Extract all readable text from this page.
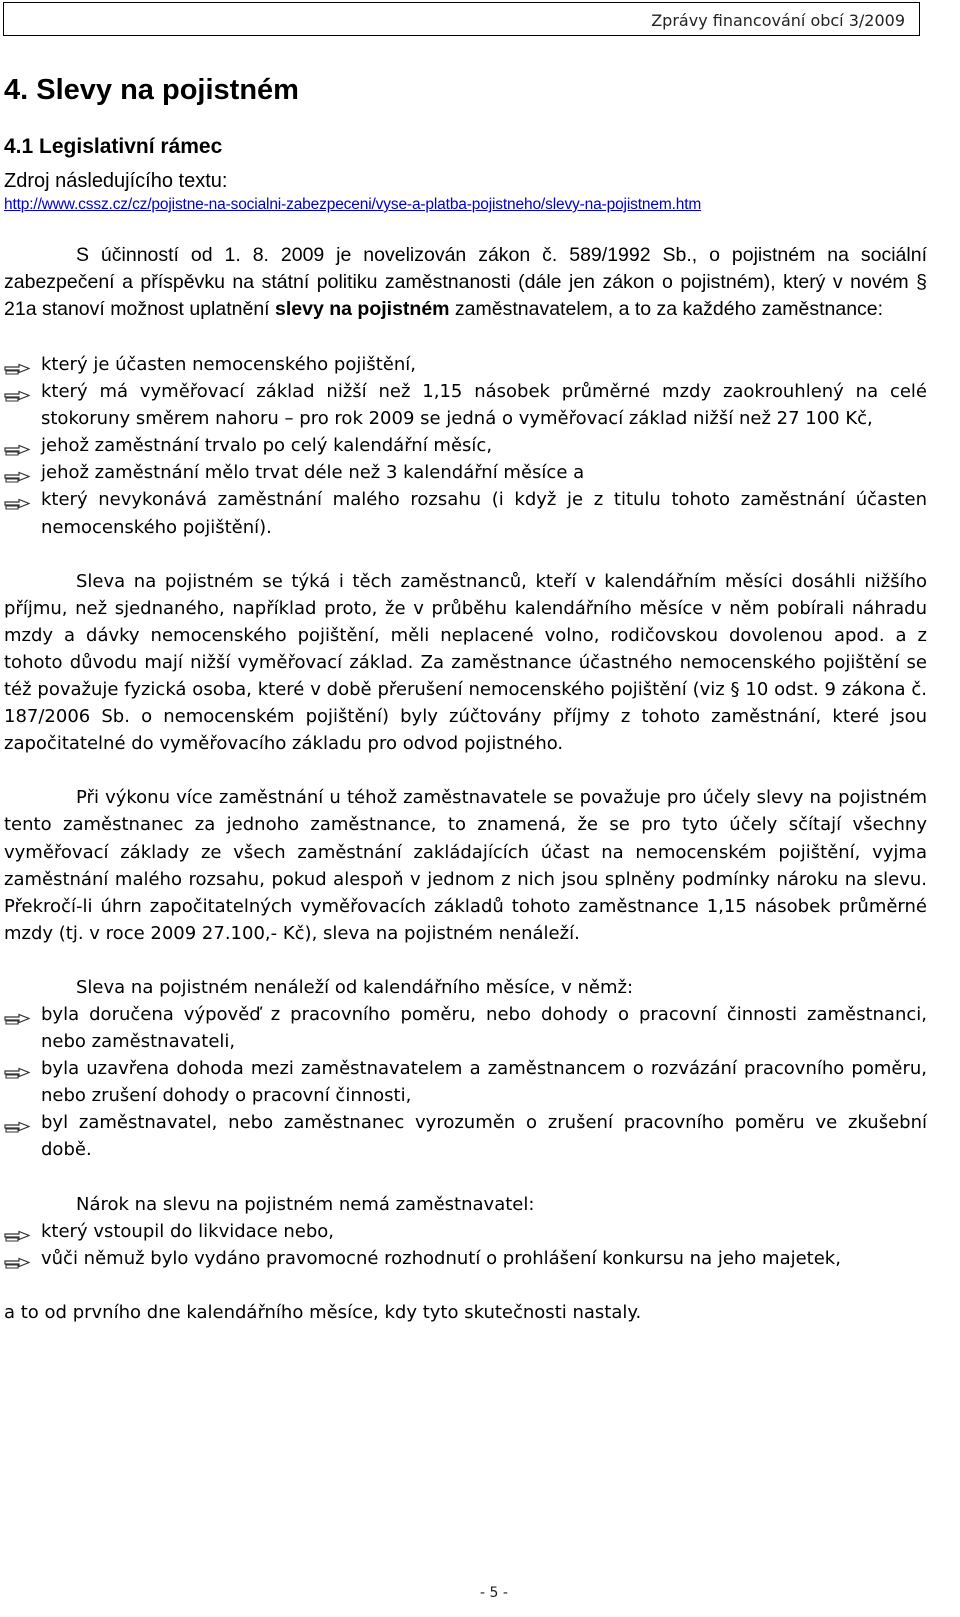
Zprávy financování obcí 3/2009
4. Slevy na pojistném
4.1 Legislativní rámec
Zdroj následujícího textu:
http://www.cssz.cz/cz/pojistne-na-socialni-zabezpeceni/vyse-a-platba-pojistneho/slevy-na-pojistnem.htm

S účinností od 1. 8. 2009 je novelizován zákon č. 589/1992 Sb., o pojistném na sociální zabezpečení a příspěvku na státní politiku zaměstnanosti (dále jen zákon o pojistném), který v novém § 21a stanoví možnost uplatnění slevy na pojistném zaměstnavatelem, a to za každého zaměstnance:

který je účasten nemocenského pojištění,
který má vyměřovací základ nižší než 1,15 násobek průměrné mzdy zaokrouhlený na celé stokoruny směrem nahoru – pro rok 2009 se jedná o vyměřovací základ nižší než 27 100 Kč,
jehož zaměstnání trvalo po celý kalendářní měsíc,
jehož zaměstnání mělo trvat déle než 3 kalendářní měsíce a
který nevykonává zaměstnání malého rozsahu (i když je z titulu tohoto zaměstnání účasten nemocenského pojištění).

Sleva na pojistném se týká i těch zaměstnanců, kteří v kalendářním měsíci dosáhli nižšího příjmu, než sjednaného, například proto, že v průběhu kalendářního měsíce v něm pobírali náhradu mzdy a dávky nemocenského pojištění, měli neplacené volno, rodičovskou dovolenou apod. a z tohoto důvodu mají nižší vyměřovací základ. Za zaměstnance účastného nemocenského pojištění se též považuje fyzická osoba, které v době přerušení nemocenského pojištění (viz § 10 odst. 9 zákona č. 187/2006 Sb. o nemocenském pojištění) byly zúčtovány příjmy z tohoto zaměstnání, které jsou započitatelné do vyměřovacího základu pro odvod pojistného.

Při výkonu více zaměstnání u téhož zaměstnavatele se považuje pro účely slevy na pojistném tento zaměstnanec za jednoho zaměstnance, to znamená, že se pro tyto účely sčítají všechny vyměřovací základy ze všech zaměstnání zakládajících účast na nemocenském pojištění, vyjma zaměstnání malého rozsahu, pokud alespoň v jednom z nich jsou splněny podmínky nároku na slevu. Překročí-li úhrn započitatelných vyměřovacích základů tohoto zaměstnance 1,15 násobek průměrné mzdy (tj. v roce 2009 27.100,- Kč), sleva na pojistném nenáleží.

Sleva na pojistném nenáleží od kalendářního měsíce, v němž:

byla doručena výpověď z pracovního poměru, nebo dohody o pracovní činnosti zaměstnanci, nebo zaměstnavateli,
byla uzavřena dohoda mezi zaměstnavatelem a zaměstnancem o rozvázání pracovního poměru, nebo zrušení dohody o pracovní činnosti,
byl zaměstnavatel, nebo zaměstnanec vyrozuměn o zrušení pracovního poměru ve zkušební době.

Nárok na slevu na pojistném nemá zaměstnavatel:

který vstoupil do likvidace nebo,
vůči němuž bylo vydáno pravomocné rozhodnutí o prohlášení konkursu na jeho majetek,

a to od prvního dne kalendářního měsíce, kdy tyto skutečnosti nastaly.

- 5 -
